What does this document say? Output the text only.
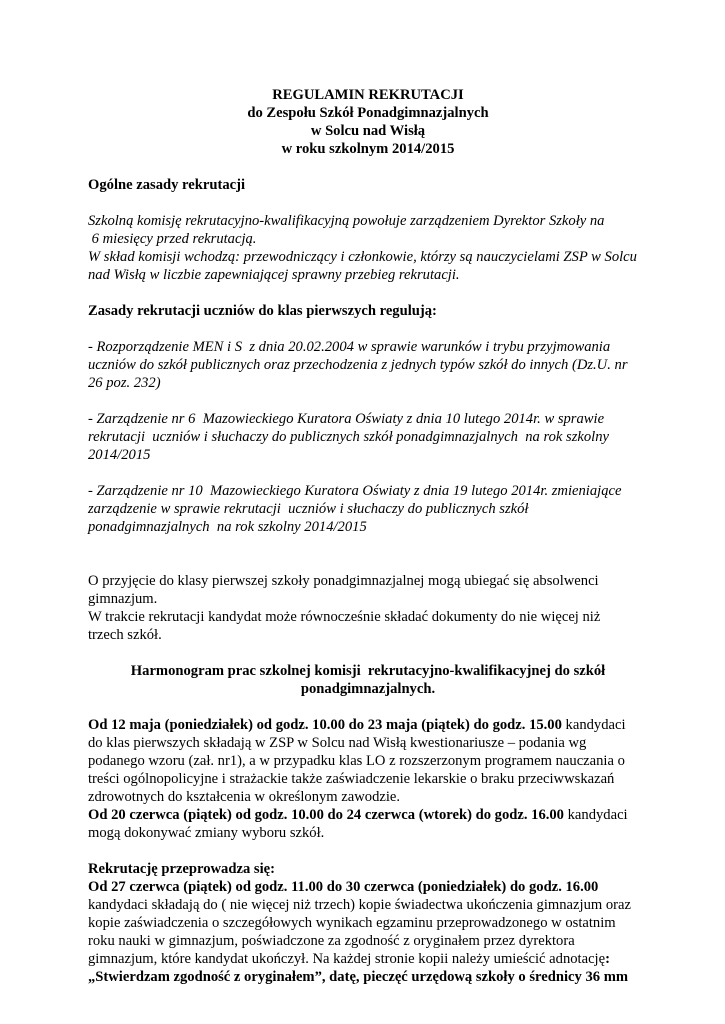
REGULAMIN REKRUTACJI
do Zespołu Szkół Ponadgimnazjalnych
w Solcu nad Wisłą
w roku szkolnym 2014/2015

Ogólne zasady rekrutacji

Szkolną komisję rekrutacyjno-kwalifikacyjną powołuje zarządzeniem Dyrektor Szkoły na
6 miesięcy przed rekrutacją.
W skład komisji wchodzą: przewodniczący i członkowie, którzy są nauczycielami ZSP w Solcu
nad Wisłą w liczbie zapewniającej sprawny przebieg rekrutacji.

Zasady rekrutacji uczniów do klas pierwszych regulują:

- Rozporządzenie MEN i S  z dnia 20.02.2004 w sprawie warunków i trybu przyjmowania
uczniów do szkół publicznych oraz przechodzenia z jednych typów szkół do innych (Dz.U. nr
26 poz. 232)
- Zarządzenie nr 6  Mazowieckiego Kuratora Oświaty z dnia 10 lutego 2014r. w sprawie
rekrutacji  uczniów i słuchaczy do publicznych szkół ponadgimnazjalnych  na rok szkolny
2014/2015
- Zarządzenie nr 10  Mazowieckiego Kuratora Oświaty z dnia 19 lutego 2014r. zmieniające
zarządzenie w sprawie rekrutacji  uczniów i słuchaczy do publicznych szkół
ponadgimnazjalnych  na rok szkolny 2014/2015
O przyjęcie do klasy pierwszej szkoły ponadgimnazjalnej mogą ubiegać się absolwenci
gimnazjum.
W trakcie rekrutacji kandydat może równocześnie składać dokumenty do nie więcej niż
trzech szkół.
Harmonogram prac szkolnej komisji  rekrutacyjno-kwalifikacyjnej do szkół
ponadgimnazjalnych.
Od 12 maja (poniedziałek) od godz. 10.00 do 23 maja (piątek) do godz. 15.00 kandydaci
do klas pierwszych składają w ZSP w Solcu nad Wisłą kwestionariusze – podania wg
podanego wzoru (zał. nr1), a w przypadku klas LO z rozszerzonym programem nauczania o
treści ogólnopolicyjne i strażackie także zaświadczenie lekarskie o braku przeciwwskazań
zdrowotnych do kształcenia w określonym zawodzie.
Od 20 czerwca (piątek) od godz. 10.00 do 24 czerwca (wtorek) do godz. 16.00 kandydaci
mogą dokonywać zmiany wyboru szkół.
Rekrutację przeprowadza się:
Od 27 czerwca (piątek) od godz. 11.00 do 30 czerwca (poniedziałek) do godz. 16.00
kandydaci składają do ( nie więcej niż trzech) kopie świadectwa ukończenia gimnazjum oraz
kopie zaświadczenia o szczegółowych wynikach egzaminu przeprowadzonego w ostatnim
roku nauki w gimnazjum, poświadczone za zgodność z oryginałem przez dyrektora
gimnazjum, które kandydat ukończył. Na każdej stronie kopii należy umieścić adnotację:
„Stwierdzam zgodność z oryginałem”, datę, pieczęć urzędową szkoły o średnicy 36 mm
